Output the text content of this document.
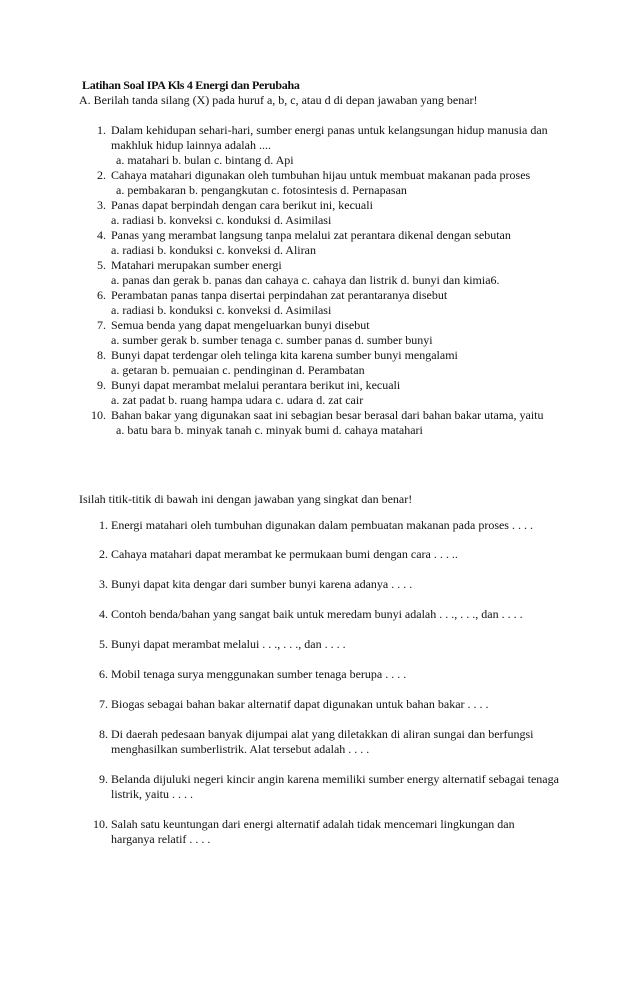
Latihan Soal IPA Kls 4 Energi dan Perubaha
A. Berilah tanda silang (X) pada huruf a, b, c, atau d di depan jawaban yang benar!
1. Dalam kehidupan sehari-hari, sumber energi panas untuk kelangsungan hidup manusia dan makhluk hidup lainnya adalah ....
a. matahari b. bulan c. bintang d. Api
2. Cahaya matahari digunakan oleh tumbuhan hijau untuk membuat makanan pada proses
a. pembakaran b. pengangkutan c. fotosintesis d. Pernapasan
3. Panas dapat berpindah dengan cara berikut ini, kecuali
a. radiasi b. konveksi c. konduksi d. Asimilasi
4. Panas yang merambat langsung tanpa melalui zat perantara dikenal dengan sebutan
a. radiasi b. konduksi c. konveksi d. Aliran
5. Matahari merupakan sumber energi
a. panas dan gerak b. panas dan cahaya c. cahaya dan listrik d. bunyi dan kimia6.
6. Perambatan panas tanpa disertai perpindahan zat perantaranya disebut
a. radiasi b. konduksi c. konveksi d. Asimilasi
7. Semua benda yang dapat mengeluarkan bunyi disebut
a. sumber gerak b. sumber tenaga c. sumber panas d. sumber bunyi
8. Bunyi dapat terdengar oleh telinga kita karena sumber bunyi mengalami
a. getaran b. pemuaian c. pendinginan d. Perambatan
9. Bunyi dapat merambat melalui perantara berikut ini, kecuali
a. zat padat b. ruang hampa udara c. udara d. zat cair
10. Bahan bakar yang digunakan saat ini sebagian besar berasal dari bahan bakar utama, yaitu
a. batu bara b. minyak tanah c. minyak bumi d. cahaya matahari
Isilah titik-titik di bawah ini dengan jawaban yang singkat dan benar!
1. Energi matahari oleh tumbuhan digunakan dalam pembuatan makanan pada proses . . . .
2. Cahaya matahari dapat merambat ke permukaan bumi dengan cara . . . ..
3. Bunyi dapat kita dengar dari sumber bunyi karena adanya . . . .
4. Contoh benda/bahan yang sangat baik untuk meredam bunyi adalah . . ., . . ., dan . . . .
5. Bunyi dapat merambat melalui . . ., . . ., dan . . . .
6. Mobil tenaga surya menggunakan sumber tenaga berupa . . . .
7. Biogas sebagai bahan bakar alternatif dapat digunakan untuk bahan bakar . . . .
8. Di daerah pedesaan banyak dijumpai alat yang diletakkan di aliran sungai dan berfungsi menghasilkan sumberlistrik. Alat tersebut adalah . . . .
9. Belanda dijuluki negeri kincir angin karena memiliki sumber energy alternatif sebagai tenaga listrik, yaitu . . . .
10. Salah satu keuntungan dari energi alternatif adalah tidak mencemari lingkungan dan harganya relatif . . . .
